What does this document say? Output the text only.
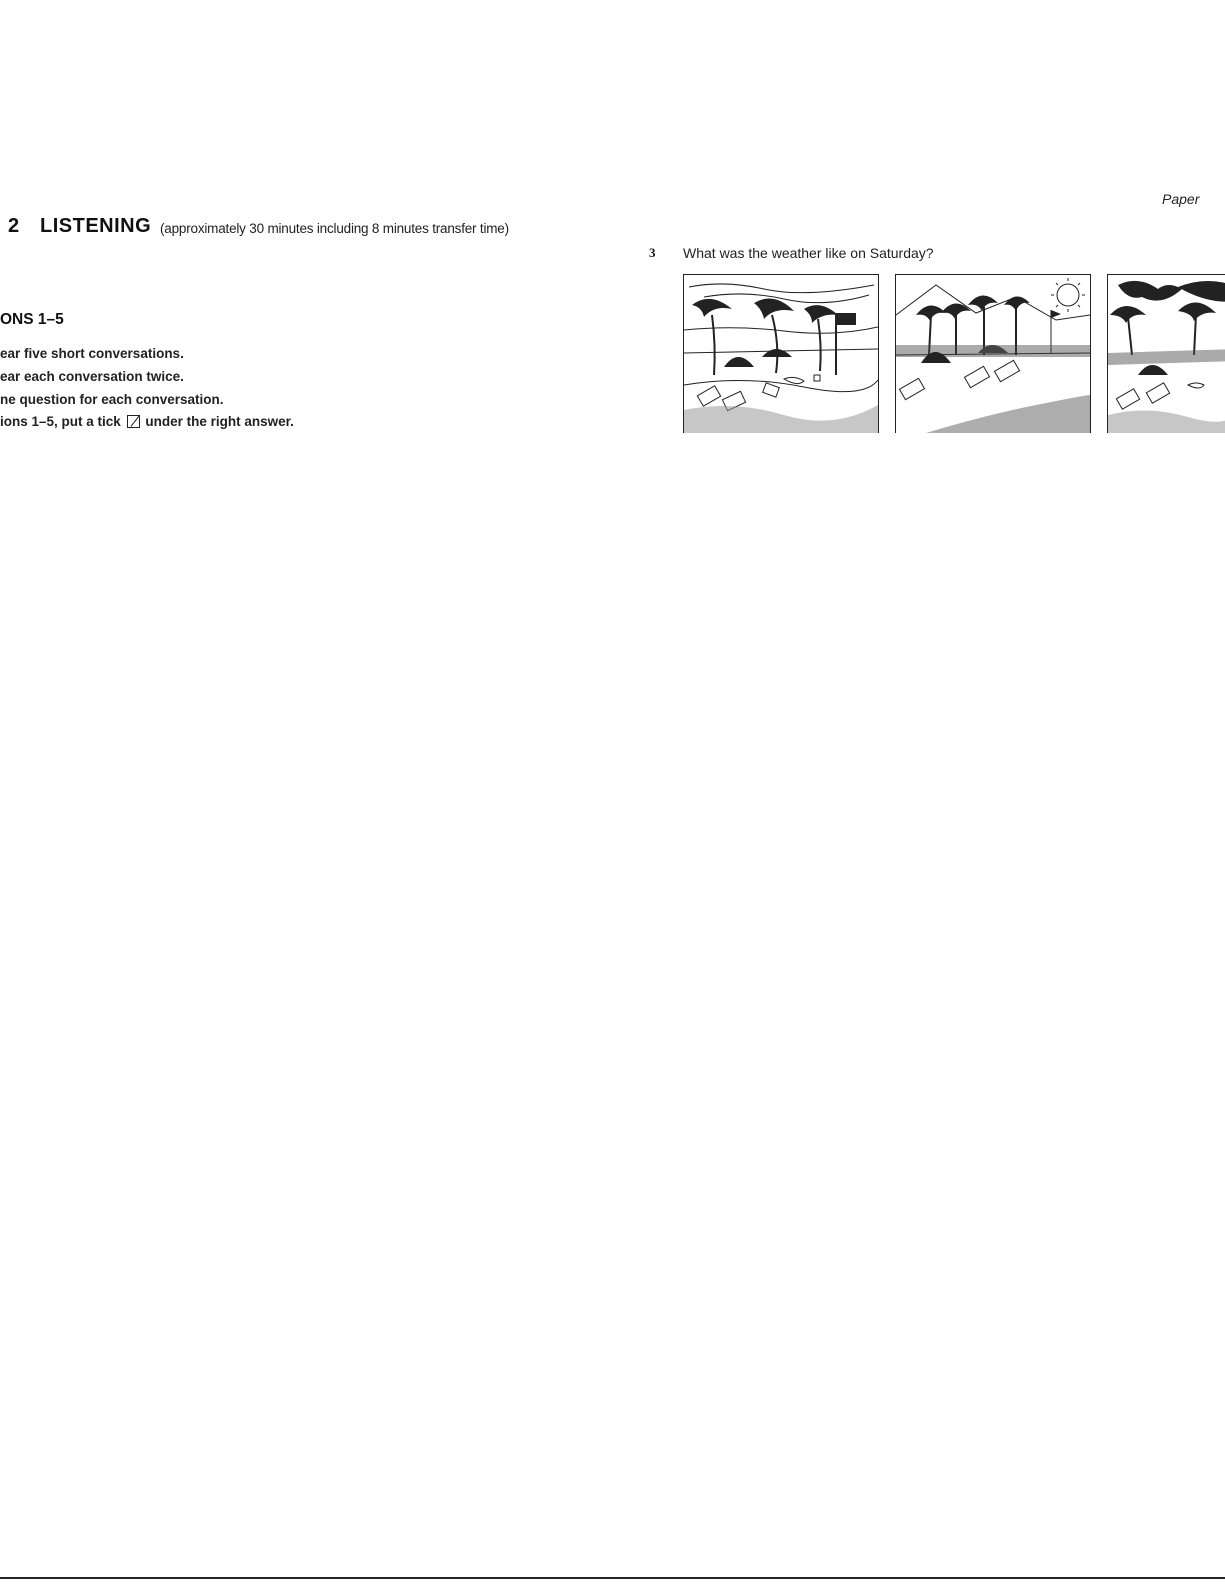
Paper
2 LISTENING (approximately 30 minutes including 8 minutes transfer time)
ONS 1–5
ear five short conversations.
ear each conversation twice.
ne question for each conversation.
ions 1–5, put a tick under the right answer.
3 What was the weather like on Saturday?
